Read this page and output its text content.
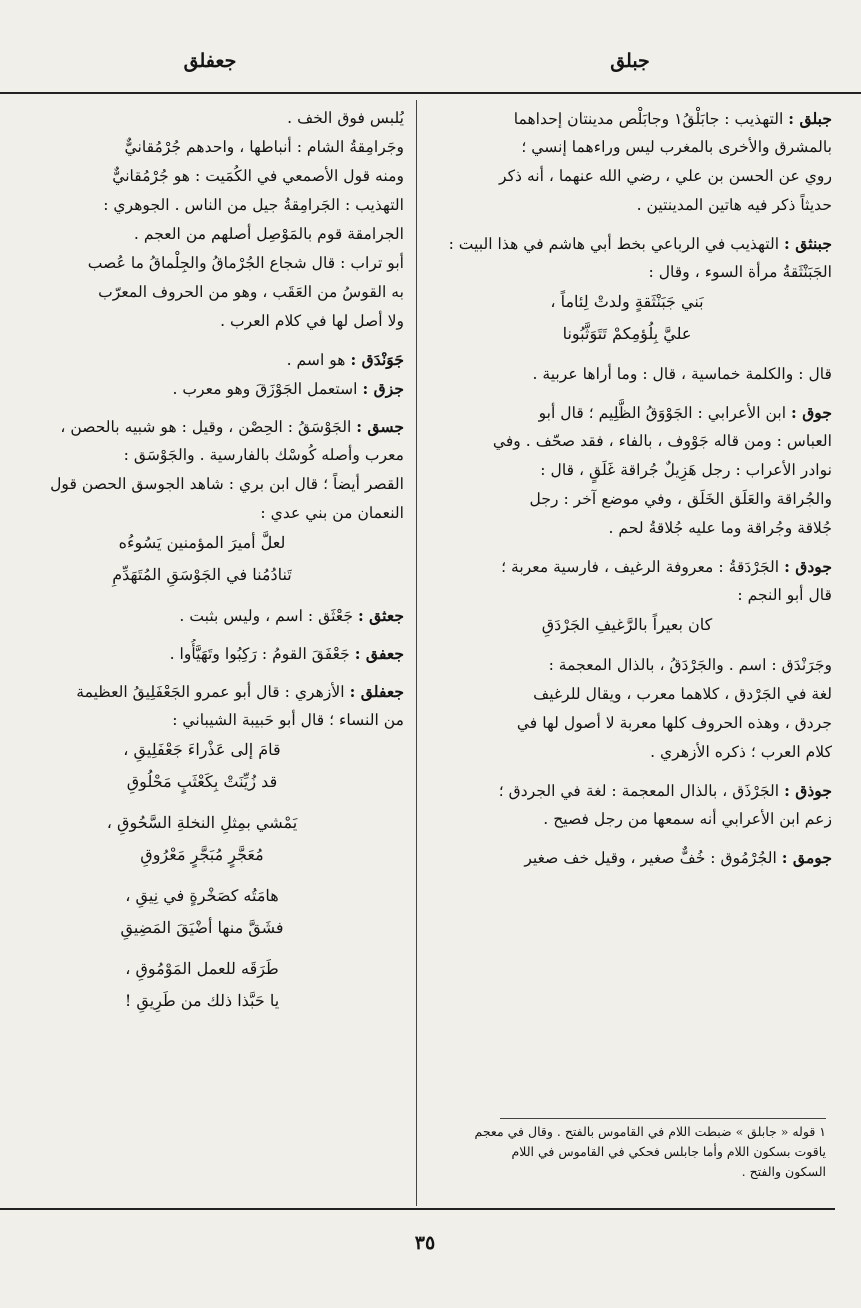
جبلق
جعفلق
جبلق : التهذيب : جابَلْقُ١ وجابَلْص مدينتان إحداهما
بالمشرق والأخرى بالمغرب ليس وراءهما إنسي ؛
روي عن الحسن بن علي ، رضي الله عنهما ، أنه ذكر
حديثاً ذكر فيه هاتين المدينتين .
جبنثق : التهذيب في الرباعي بخط أبي هاشم في هذا البيت :
الجَبَنْثَقةُ مرأة السوء ، وقال :
بَني جَبَنْثَقةٍ ولدتْ لِئاماً ،
عليَّ بِلُؤمِكمْ تَتَوَثَّبُونا
قال : والكلمة خماسية ، قال : وما أراها عربية .
جوق : ابن الأعرابي : الجَوْوَقُ الظَّلِيم ؛ قال أبو
العباس : ومن قاله جَوْوف ، بالفاء ، فقد صحّف . وفي
نوادر الأعراب : رجل هَزِيلٌ جُراقة غَلَقٍ ، قال :
والجُراقة والعَلَق الخَلَق ، وفي موضع آخر : رجل
جُلاقة وجُراقة وما عليه جُلاقةُ لحم .
جودق : الجَرْدَقةُ : معروفة الرغيف ، فارسية معربة ؛
قال أبو النجم :
كان بعيراً بالرَّغيفِ الجَرْدَقِ
وجَرَنْدَق : اسم . والجَرْدَقُ ، بالذال المعجمة :
لغة في الجَرْدق ، كلاهما معرب ، ويقال للرغيف
جردق ، وهذه الحروف كلها معربة لا أصول لها في
كلام العرب ؛ ذكره الأزهري .
جوذق : الجَرْذَق ، بالذال المعجمة : لغة في الجردق ؛
زعم ابن الأعرابي أنه سمعها من رجل فصيح .
جومق : الجُرْمُوق : خُفٌّ صغير ، وقيل خف صغير
يُلبس فوق الخف .
وجَرامِقةُ الشام : أنباطها ، واحدهم جُرْمُقانيٌّ
ومنه قول الأصمعي في الكُمَيت : هو جُرْمُقانيٌّ
التهذيب : الجَرامِقةُ جيل من الناس . الجوهري :
الجرامقة قوم بالمَوْصِل أصلهم من العجم .
أبو تراب : قال شجاع الجُرْماقُ والجِلْماقُ ما عُصب
به القوسُ من العَقَب ، وهو من الحروف المعرّب
ولا أصل لها في كلام العرب .
جَوَنْدَق : هو اسم .
جزق : استعمل الجَوْزَقَ وهو معرب .
جسق : الجَوْسَقُ : الحِصْن ، وقيل : هو شبيه بالحصن ،
معرب وأصله كُوسْك بالفارسية . والجَوْسَق :
القصر أيضاً ؛ قال ابن بري : شاهد الجوسق الحصن قول
النعمان من بني عدي :
لعلَّ أميرَ المؤمنين يَسُوءُه
تَنادُمُنا في الجَوْسَقِ المُتَهَدِّمِ
جعثق : جَعْثَق : اسم ، وليس بثبت .
جعفق : جَعْفَقَ القومُ : رَكِبُوا وتَهَيَّأُوا .
جعفلق : الأزهري : قال أبو عمرو الجَعْفَلِيقُ العظيمة
من النساء ؛ قال أبو حَبيبة الشيباني :
قامَ إلى عَذْراءَ جَعْفَلِيقِ ،
قد زُيِّنَتْ بِكَعْثَبٍ مَحْلُوقِ
يَمْشي بمِثلِ النخلةِ السَّحُوقِ ،
مُعَجَّرٍ مُبَجَّرٍ مَعْرُوقِ
هامَتُه كصَخْرةٍ في نِيقِ ،
فشَقَّ منها أضْيَقَ المَضِيقِ
طَرَقَه للعمل المَوْمُوقِ ،
يا حَبَّذا ذلك من طَرِيقِ !
١ قوله « جابلق » ضبطت اللام في القاموس بالفتح . وقال في معجم
ياقوت بسكون اللام وأما جابلس فحكي في القاموس في اللام
السكون والفتح .
٣٥
